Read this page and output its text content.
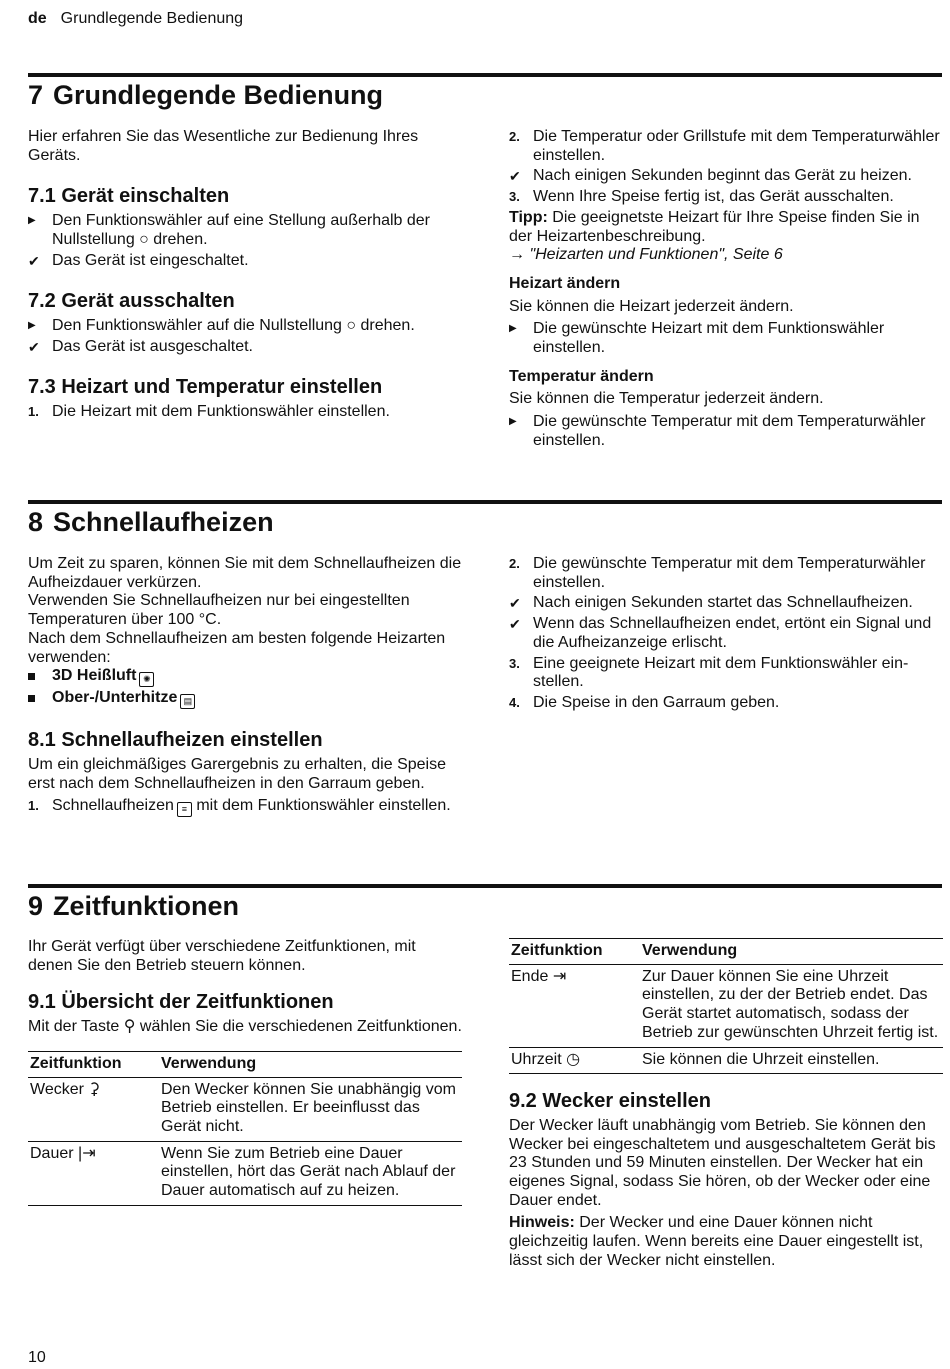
de Grundlegende Bedienung
7 Grundlegende Bedienung

Hier erfahren Sie das Wesentliche zur Bedienung Ihres Geräts.

7.1 Gerät einschalten
▶	Den Funktionswähler auf eine Stellung außerhalb der Nullstellung ○ drehen.
✔ Das Gerät ist eingeschaltet.
7.2 Gerät ausschalten
▶	Den Funktionswähler auf die Nullstellung ○ drehen.
✔ Das Gerät ist ausgeschaltet.
7.3 Heizart und Temperatur einstellen
1. Die Heizart mit dem Funktionswähler einstellen.
2. Die Temperatur oder Grillstufe mit dem Temperaturwähler einstellen.
✔ Nach einigen Sekunden beginnt das Gerät zu heizen.
3. Wenn Ihre Speise fertig ist, das Gerät ausschalten.

Tipp: Die geeignetste Heizart für Ihre Speise finden Sie in der Heizartenbeschreibung.
→ "Heizarten und Funktionen", Seite 6

Heizart ändern

Sie können die Heizart jederzeit ändern.

▶	Die gewünschte Heizart mit dem Funktionswähler einstellen.
Temperatur ändern

Sie können die Temperatur jederzeit ändern.

▶	Die gewünschte Temperatur mit dem Temperaturwähler einstellen.
8 Schnellaufheizen

Um Zeit zu sparen, können Sie mit dem Schnellaufheizen die Aufheizdauer verkürzen.

Verwenden Sie Schnellaufheizen nur bei eingestellten Temperaturen über 100 °C.

Nach dem Schnellaufheizen am besten folgende Heizarten verwenden:

3D Heißluft ✺
Ober-/Unterhitze ▤
8.1 Schnellaufheizen einstellen

Um ein gleichmäßiges Garergebnis zu erhalten, die Speise erst nach dem Schnellaufheizen in den Garraum geben.

1. Schnellaufheizen ≡ mit dem Funktionswähler einstellen.
2. Die gewünschte Temperatur mit dem Temperaturwähler einstellen.
✔ Nach einigen Sekunden startet das Schnellaufheizen.
✔ Wenn das Schnellaufheizen endet, ertönt ein Signal und die Aufheizanzeige erlischt.
3. Eine geeignete Heizart mit dem Funktionswähler einstellen.
4. Die Speise in den Garraum geben.
9 Zeitfunktionen

Ihr Gerät verfügt über verschiedene Zeitfunktionen, mit denen Sie den Betrieb steuern können.

9.1 Übersicht der Zeitfunktionen

Mit der Taste ⚲ wählen Sie die verschiedenen Zeitfunktionen.

Zeitfunktion	Verwendung
Wecker ⚳	Den Wecker können Sie unabhängig vom Betrieb einstellen. Er beeinflusst das Gerät nicht.
Dauer |⇥	Wenn Sie zum Betrieb eine Dauer einstellen, hört das Gerät nach Ablauf der Dauer automatisch auf zu heizen.
Zeitfunktion	Verwendung
Ende ⇥	Zur Dauer können Sie eine Uhrzeit einstellen, zu der der Betrieb endet. Das Gerät startet automatisch, sodass der Betrieb zur gewünschten Uhrzeit fertig ist.
Uhrzeit ◷	Sie können die Uhrzeit einstellen.
9.2 Wecker einstellen

Der Wecker läuft unabhängig vom Betrieb. Sie können den Wecker bei eingeschaltetem und ausgeschaltetem Gerät bis 23 Stunden und 59 Minuten einstellen. Der Wecker hat ein eigenes Signal, sodass Sie hören, ob der Wecker oder eine Dauer endet.

Hinweis: Der Wecker und eine Dauer können nicht gleichzeitig laufen. Wenn bereits eine Dauer eingestellt ist, lässt sich der Wecker nicht einstellen.

10
